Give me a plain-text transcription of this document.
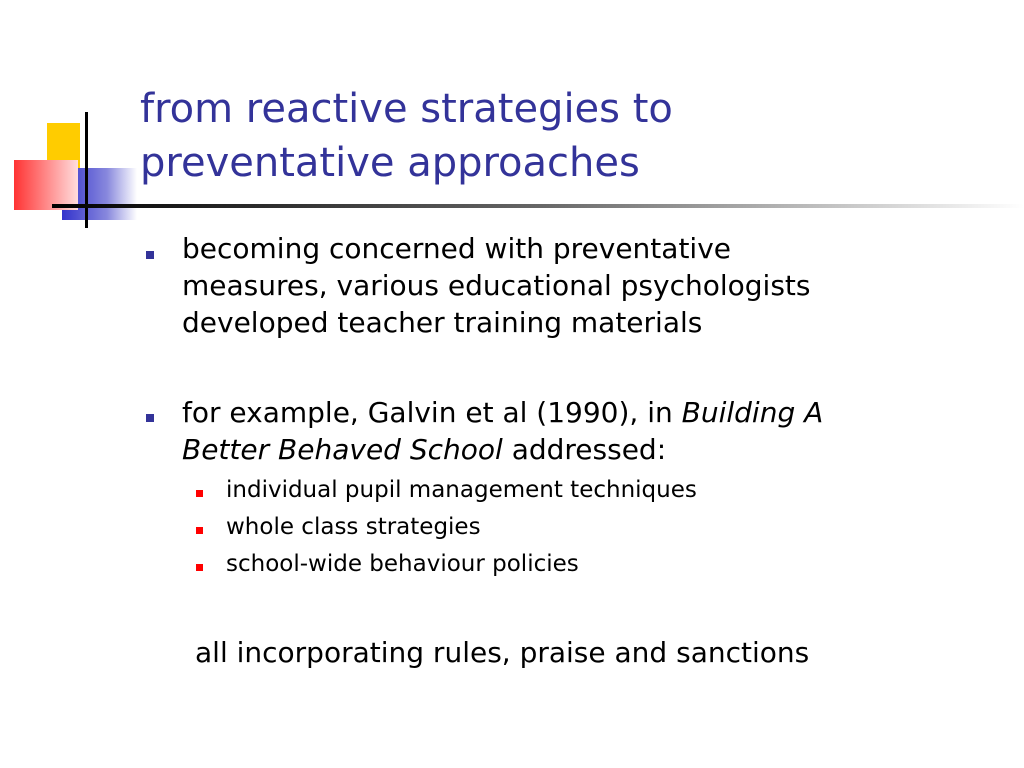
from reactive strategies to
preventative approaches
becoming concerned with preventative
measures, various educational psychologists
developed teacher training materials
for example, Galvin et al (1990), in Building A
Better Behaved School addressed:
individual pupil management techniques
whole class strategies
school-wide behaviour policies
all incorporating rules, praise and sanctions
